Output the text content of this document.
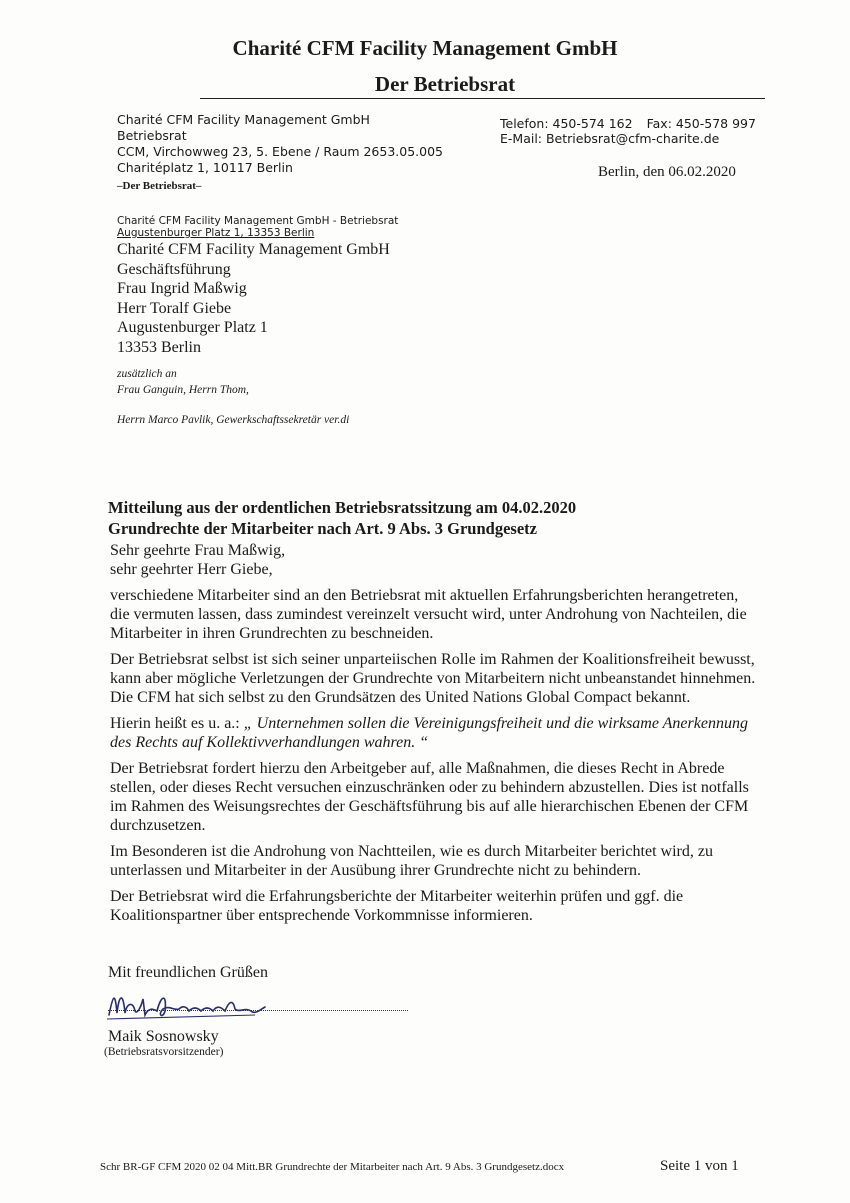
Charité CFM Facility Management GmbH
Der Betriebsrat
Charité CFM Facility Management GmbH
Betriebsrat
CCM, Virchowweg 23, 5. Ebene / Raum 2653.05.005
Charitéplatz 1, 10117 Berlin
–Der Betriebsrat–
Telefon: 450-574 162 Fax: 450-578 997
E-Mail: Betriebsrat@cfm-charite.de
Berlin, den 06.02.2020
Charité CFM Facility Management GmbH - Betriebsrat
Augustenburger Platz 1, 13353 Berlin
Charité CFM Facility Management GmbH
Geschäftsführung
Frau Ingrid Maßwig
Herr Toralf Giebe
Augustenburger Platz 1
13353 Berlin
zusätzlich an
Frau Ganguin, Herrn Thom,
Herrn Marco Pavlik, Gewerkschaftssekretär ver.di
Mitteilung aus der ordentlichen Betriebsratssitzung am 04.02.2020
Grundrechte der Mitarbeiter nach Art. 9 Abs. 3 Grundgesetz

Sehr geehrte Frau Maßwig,

sehr geehrter Herr Giebe,

verschiedene Mitarbeiter sind an den Betriebsrat mit aktuellen Erfahrungsberichten herangetreten, die vermuten lassen, dass zumindest vereinzelt versucht wird, unter Androhung von Nachteilen, die Mitarbeiter in ihren Grundrechten zu beschneiden.

Der Betriebsrat selbst ist sich seiner unparteiischen Rolle im Rahmen der Koalitionsfreiheit bewusst, kann aber mögliche Verletzungen der Grundrechte von Mitarbeitern nicht unbeanstandet hinnehmen. Die CFM hat sich selbst zu den Grundsätzen des United Nations Global Compact bekannt.

Hierin heißt es u. a.: „ Unternehmen sollen die Vereinigungsfreiheit und die wirksame Anerkennung des Rechts auf Kollektivverhandlungen wahren. “

Der Betriebsrat fordert hierzu den Arbeitgeber auf, alle Maßnahmen, die dieses Recht in Abrede stellen, oder dieses Recht versuchen einzuschränken oder zu behindern abzustellen. Dies ist notfalls im Rahmen des Weisungsrechtes der Geschäftsführung bis auf alle hierarchischen Ebenen der CFM durchzusetzen.

Im Besonderen ist die Androhung von Nachtteilen, wie es durch Mitarbeiter berichtet wird, zu unterlassen und Mitarbeiter in der Ausübung ihrer Grundrechte nicht zu behindern.

Der Betriebsrat wird die Erfahrungsberichte der Mitarbeiter weiterhin prüfen und ggf. die Koalitionspartner über entsprechende Vorkommnisse informieren.

Mit freundlichen Grüßen
Maik Sosnowsky
(Betriebsratsvorsitzender)
Schr BR-GF CFM 2020 02 04 Mitt.BR Grundrechte der Mitarbeiter nach Art. 9 Abs. 3 Grundgesetz.docx	Seite 1 von 1
